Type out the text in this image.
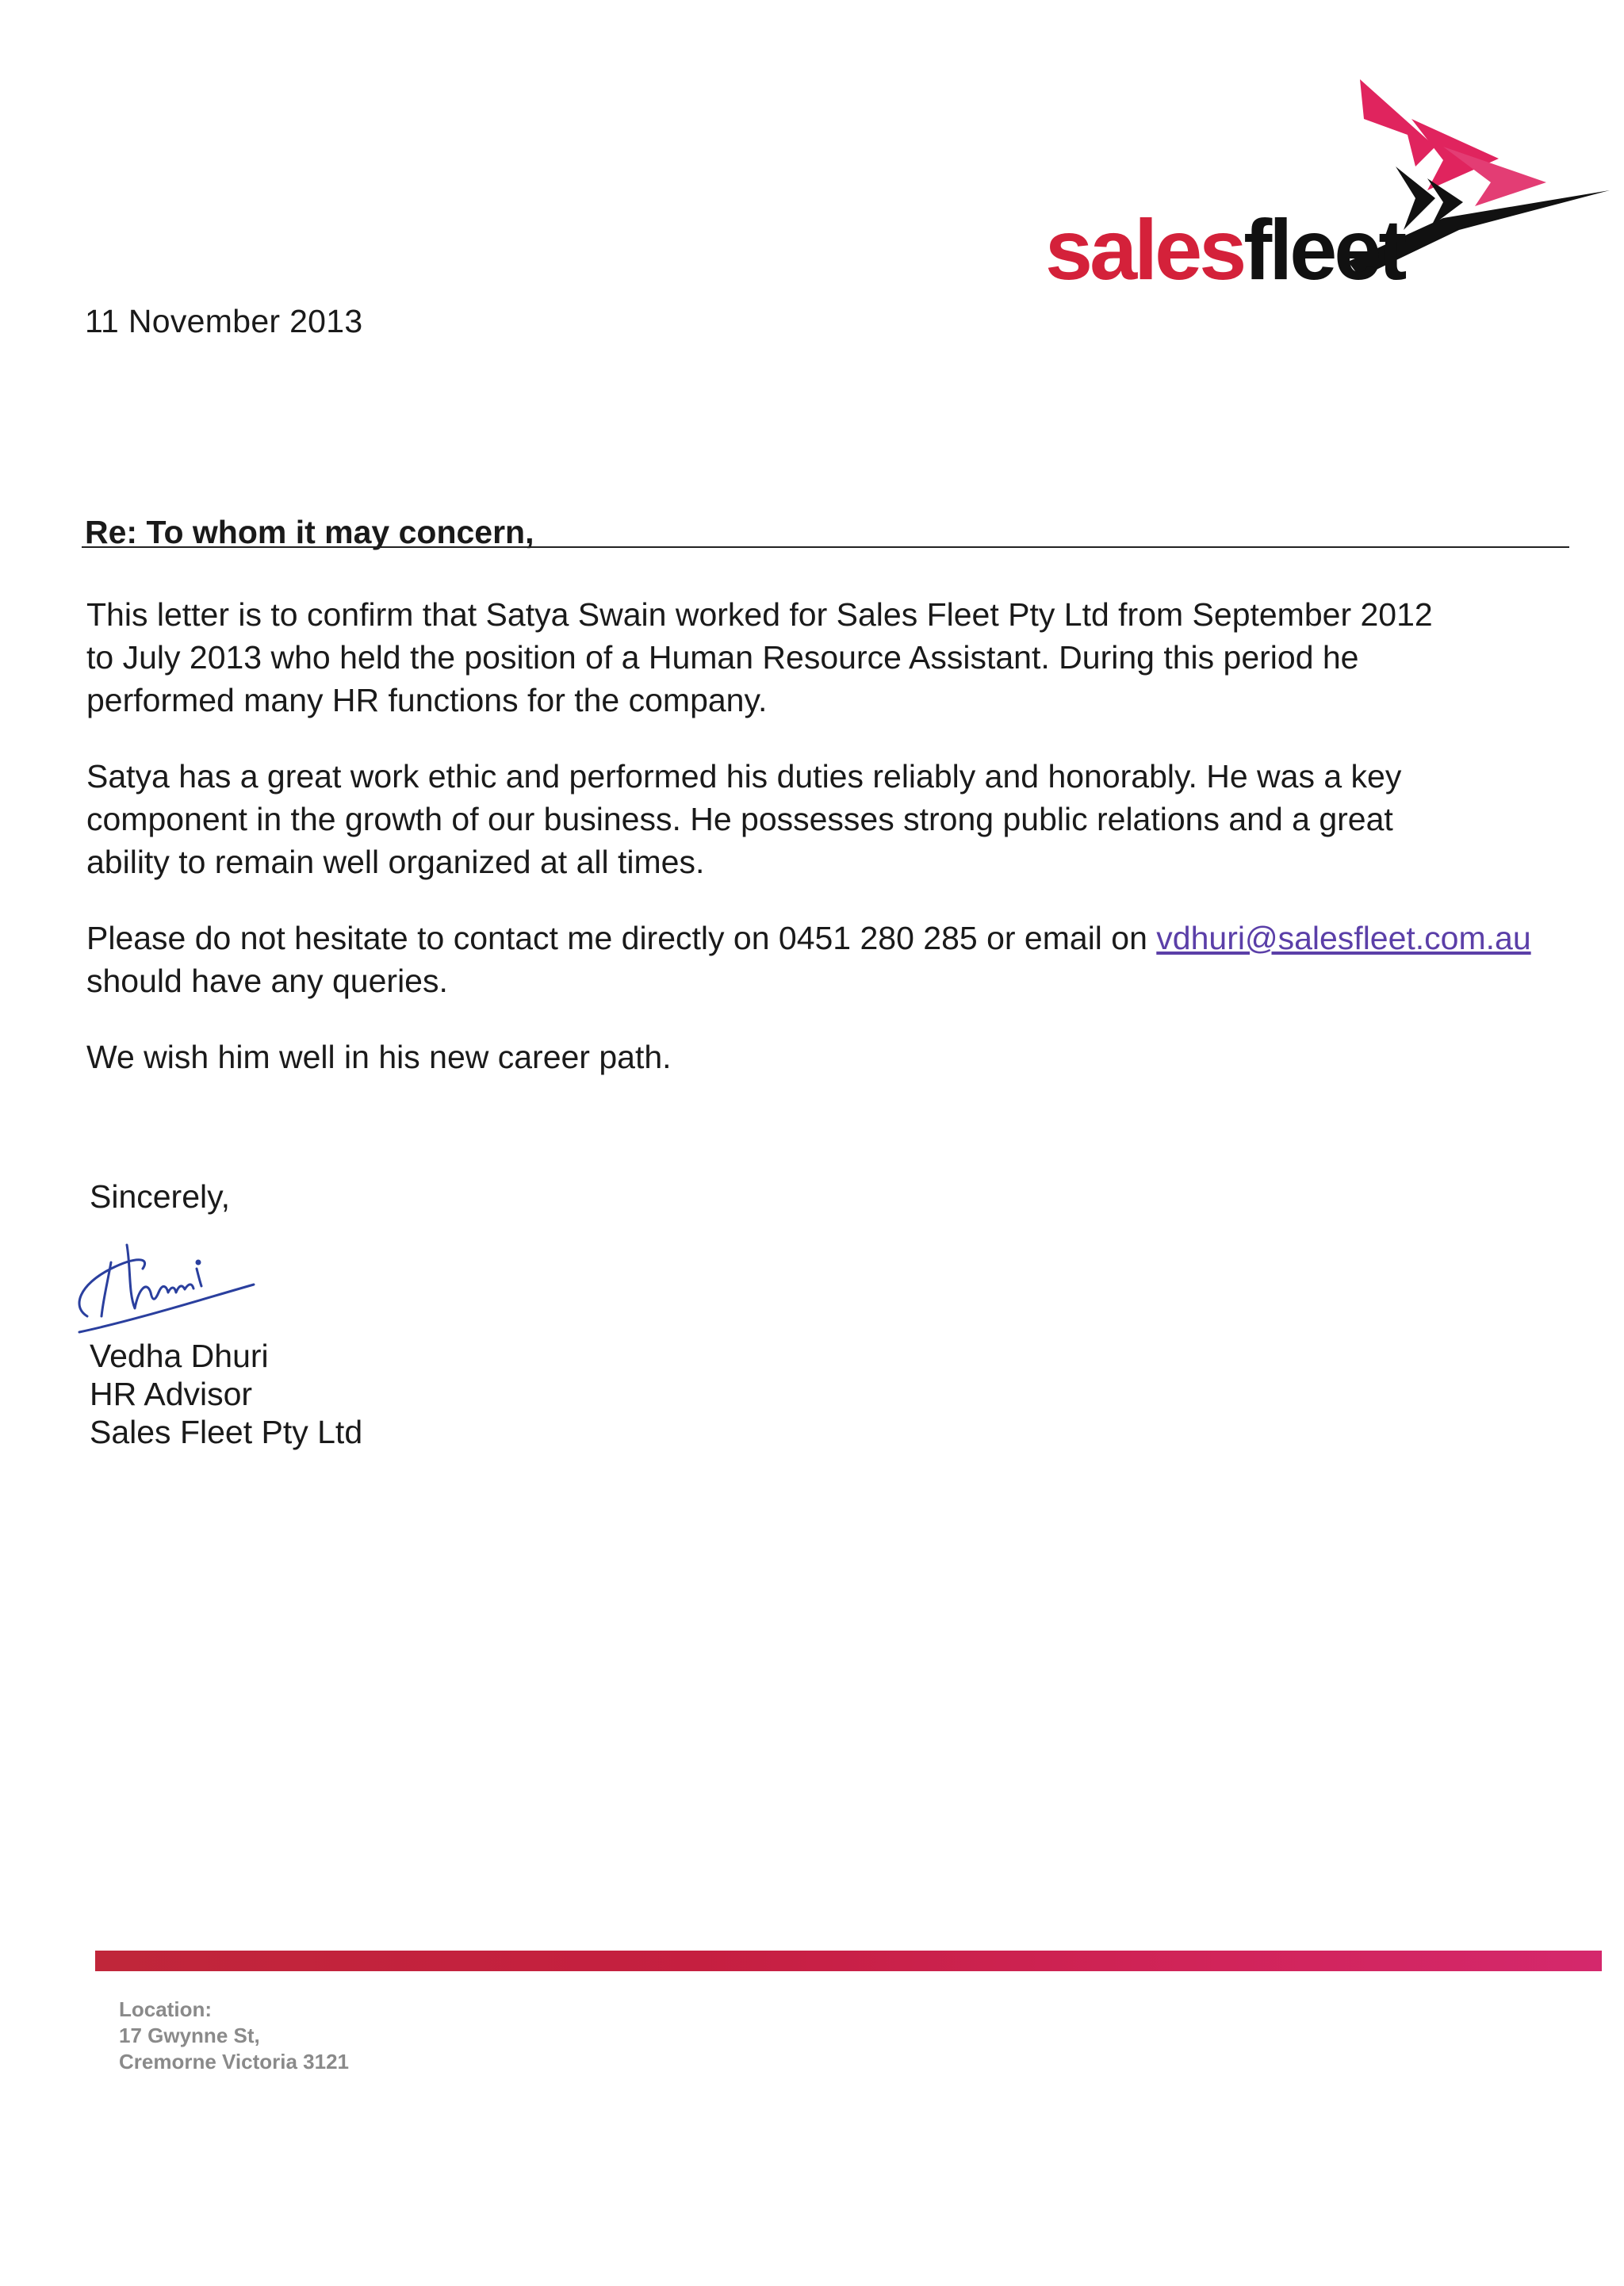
salesfleet
11 November 2013
Re: To whom it may concern,

This letter is to confirm that Satya Swain worked for Sales Fleet Pty Ltd from September 2012
to July 2013 who held the position of a Human Resource Assistant. During this period he
performed many HR functions for the company.

Satya has a great work ethic and performed his duties reliably and honorably. He was a key
component in the growth of our business. He possesses strong public relations and a great
ability to remain well organized at all times.

Please do not hesitate to contact me directly on 0451 280 285 or email on vdhuri@salesfleet.com.au
should have any queries.

We wish him well in his new career path.

Sincerely,
Vedha Dhuri
HR Advisor
Sales Fleet Pty Ltd
Location:
17 Gwynne St,
Cremorne Victoria 3121
